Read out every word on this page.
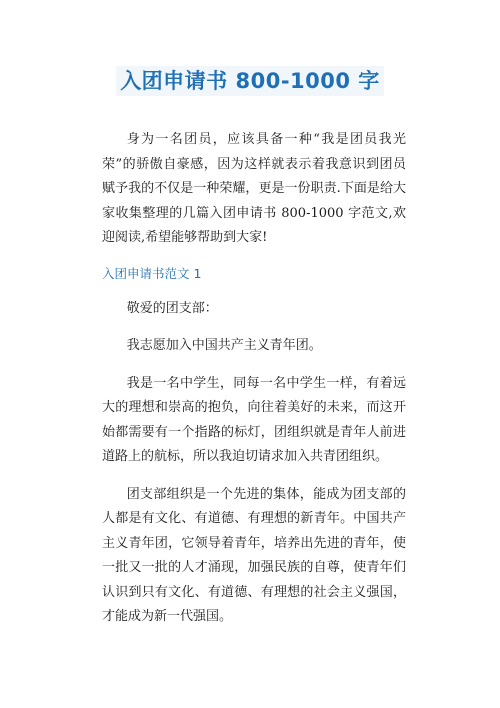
入团申请书 800-1000 字

身为一名团员，应该具备一种“我是团员我光荣”的骄傲自豪感，因为这样就表示着我意识到团员赋予我的不仅是一种荣耀，更是一份职责.下面是给大家收集整理的几篇入团申请书 800-1000 字范文,欢迎阅读,希望能够帮助到大家!

入团申请书范文 1

敬爱的团支部：

我志愿加入中国共产主义青年团。

我是一名中学生，同每一名中学生一样，有着远大的理想和崇高的抱负，向往着美好的未来，而这开始都需要有一个指路的标灯，团组织就是青年人前进道路上的航标，所以我迫切请求加入共青团组织。

团支部组织是一个先进的集体，能成为团支部的人都是有文化、有道德、有理想的新青年。中国共产主义青年团，它领导着青年，培养出先进的青年，使一批又一批的人才涌现，加强民族的自尊，使青年们认识到只有文化、有道德、有理想的社会主义强国，才能成为新一代强国。
